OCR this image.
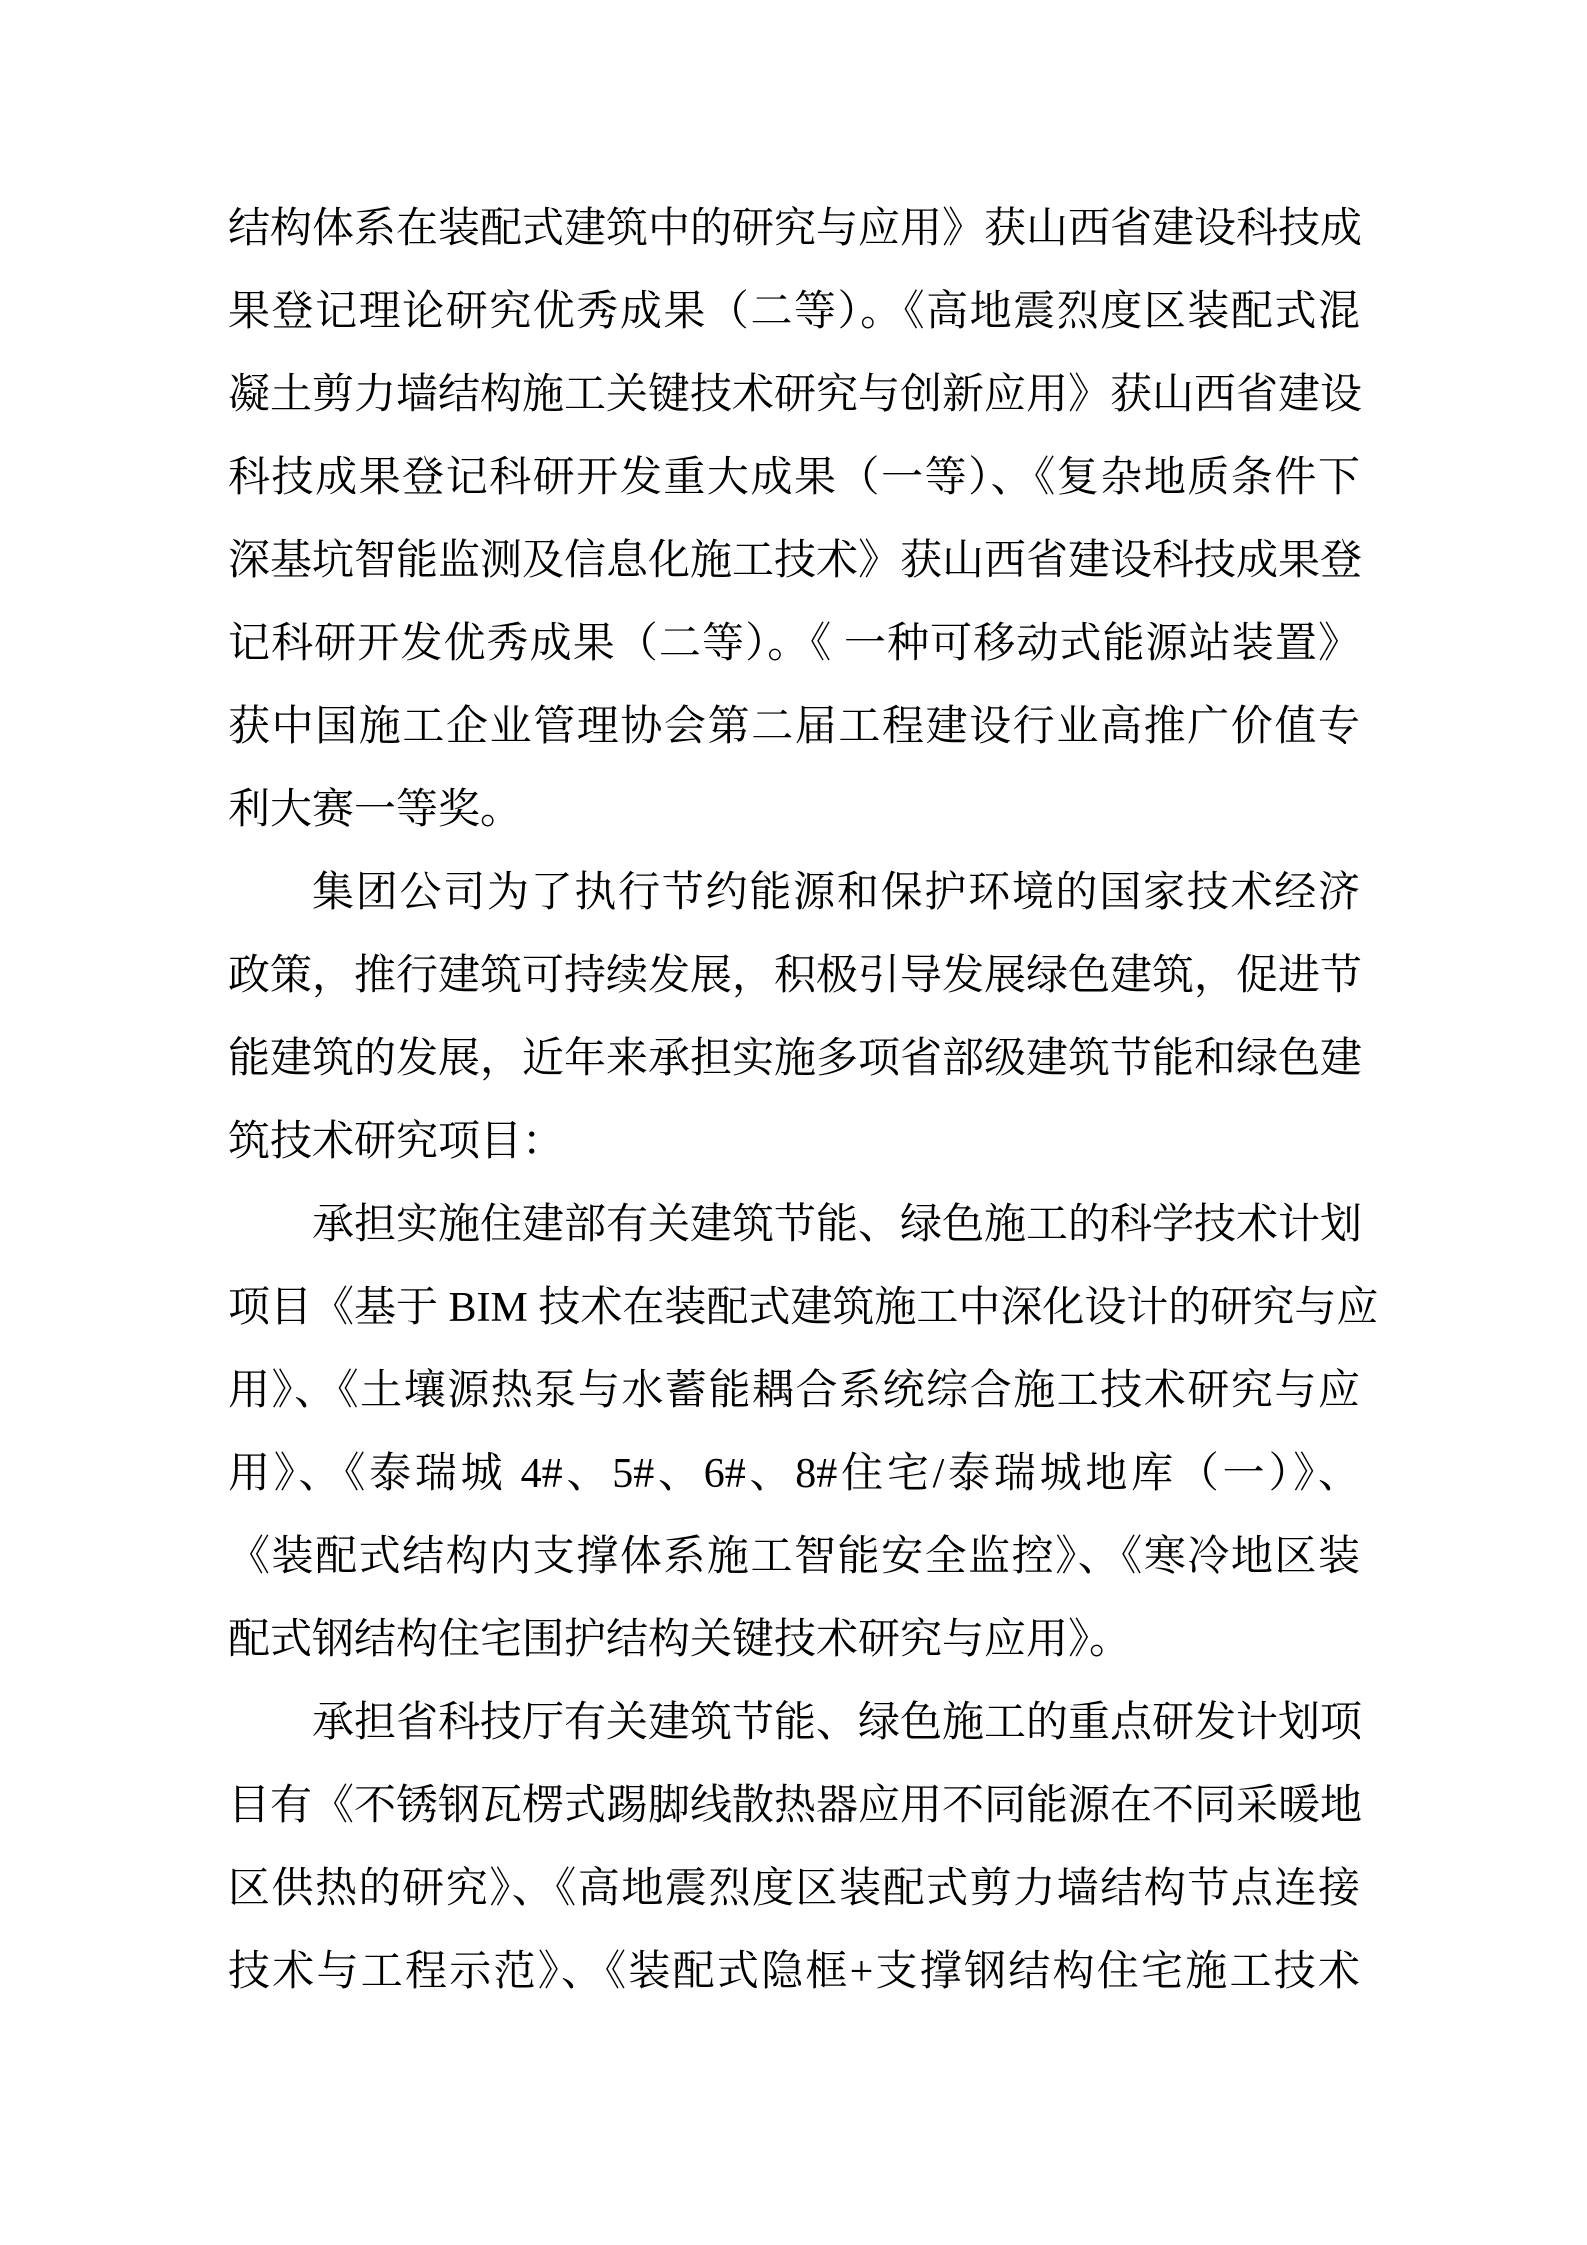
结构体系在装配式建筑中的研究与应用》获山西省建设科技成

果登记理论研究优秀成果（二等）。《高地震烈度区装配式混

凝土剪力墙结构施工关键技术研究与创新应用》获山西省建设

科技成果登记科研开发重大成果（一等）、《复杂地质条件下

深基坑智能监测及信息化施工技术》获山西省建设科技成果登

记科研开发优秀成果（二等）。《 一种可移动式能源站装置》

获中国施工企业管理协会第二届工程建设行业高推广价值专

利大赛一等奖。

集团公司为了执行节约能源和保护环境的国家技术经济

政策，推行建筑可持续发展，积极引导发展绿色建筑，促进节

能建筑的发展，近年来承担实施多项省部级建筑节能和绿色建

筑技术研究项目：

承担实施住建部有关建筑节能、绿色施工的科学技术计划

项目《基于 BIM 技术在装配式建筑施工中深化设计的研究与应

用》、《土壤源热泵与水蓄能耦合系统综合施工技术研究与应

用》、《泰瑞城 4#、5#、6#、8#住宅/泰瑞城地库（一）》、

《装配式结构内支撑体系施工智能安全监控》、《寒冷地区装

配式钢结构住宅围护结构关键技术研究与应用》。

承担省科技厅有关建筑节能、绿色施工的重点研发计划项

目有《不锈钢瓦楞式踢脚线散热器应用不同能源在不同采暖地

区供热的研究》、《高地震烈度区装配式剪力墙结构节点连接

技术与工程示范》、《装配式隐框+支撑钢结构住宅施工技术
